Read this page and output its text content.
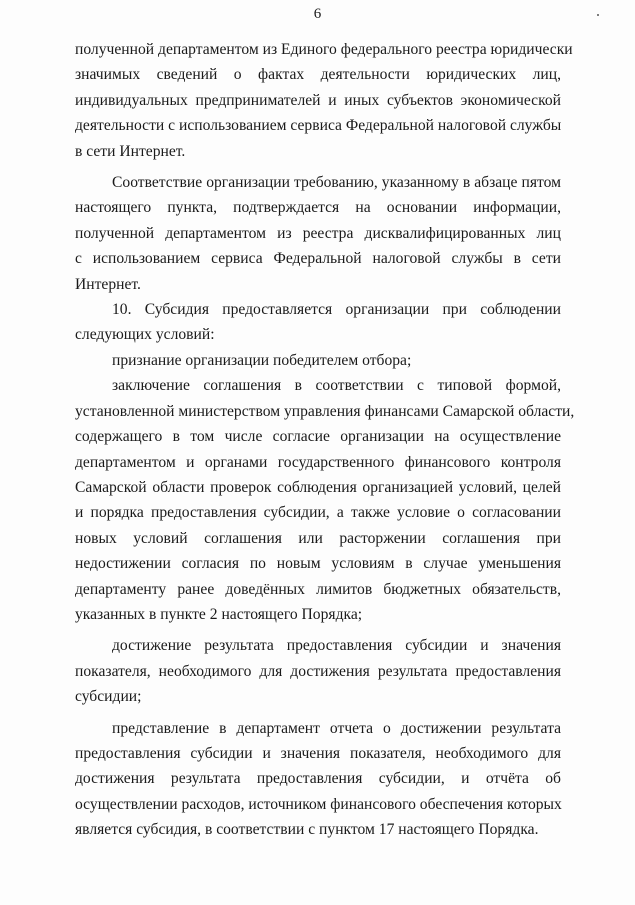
6
полученной департаментом из Единого федерального реестра юридически
значимых сведений о фактах деятельности юридических лиц,
индивидуальных предпринимателей и иных субъектов экономической
деятельности с использованием сервиса Федеральной налоговой службы
в сети Интернет.
Соответствие организации требованию, указанному в абзаце пятом
настоящего пункта, подтверждается на основании информации,
полученной департаментом из реестра дисквалифицированных лиц
с использованием сервиса Федеральной налоговой службы в сети
Интернет.
10. Субсидия предоставляется организации при соблюдении
следующих условий:
признание организации победителем отбора;
заключение соглашения в соответствии с типовой формой,
установленной министерством управления финансами Самарской области,
содержащего в том числе согласие организации на осуществление
департаментом и органами государственного финансового контроля
Самарской области проверок соблюдения организацией условий, целей
и порядка предоставления субсидии, а также условие о согласовании
новых условий соглашения или расторжении соглашения при
недостижении согласия по новым условиям в случае уменьшения
департаменту ранее доведённых лимитов бюджетных обязательств,
указанных в пункте 2 настоящего Порядка;
достижение результата предоставления субсидии и значения
показателя, необходимого для достижения результата предоставления
субсидии;
представление в департамент отчета о достижении результата
предоставления субсидии и значения показателя, необходимого для
достижения результата предоставления субсидии, и отчёта об
осуществлении расходов, источником финансового обеспечения которых
является субсидия, в соответствии с пунктом 17 настоящего Порядка.
